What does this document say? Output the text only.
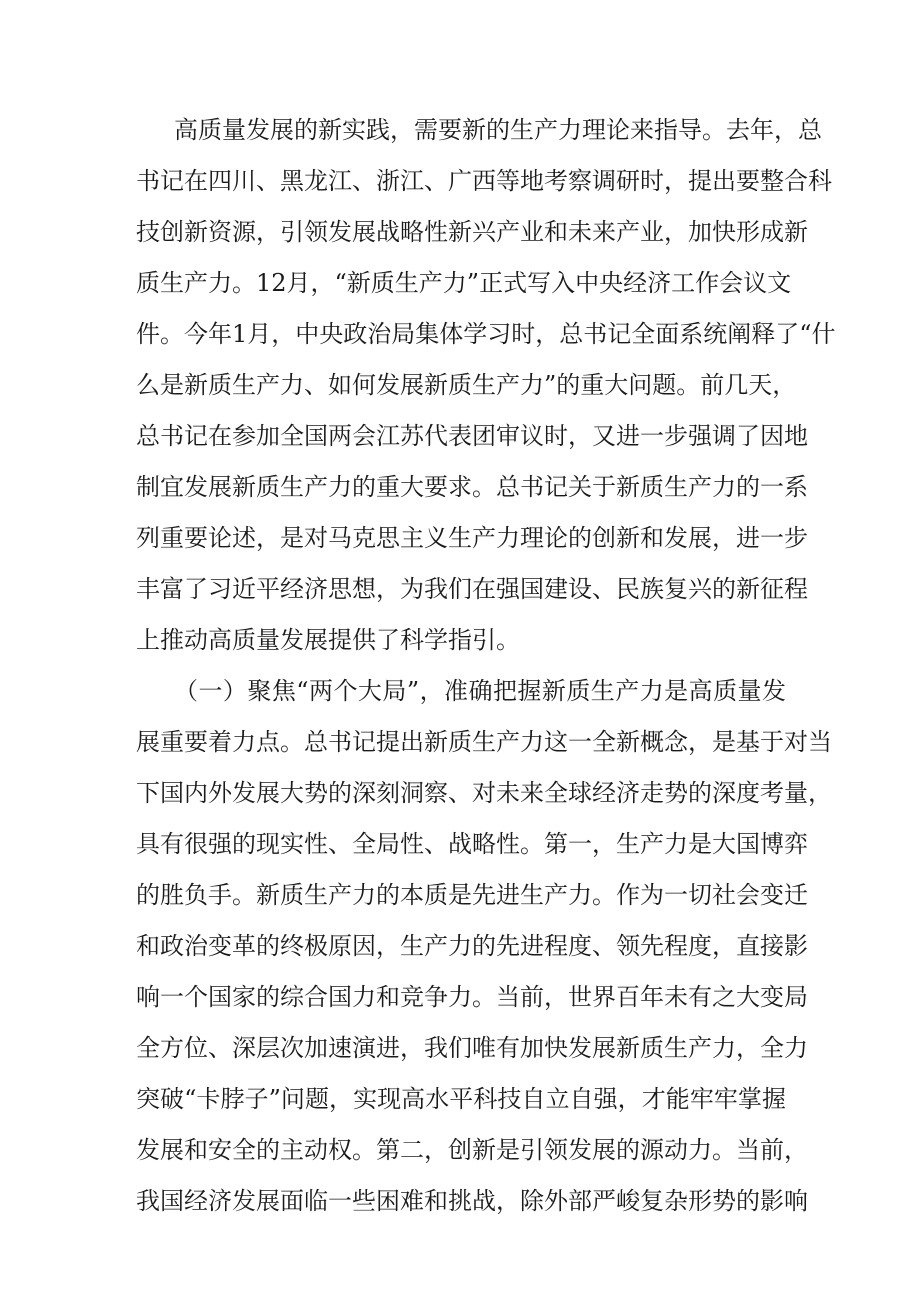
高质量发展的新实践，需要新的生产力理论来指导。去年，总
书记在四川、黑龙江、浙江、广西等地考察调研时，提出要整合科
技创新资源，引领发展战略性新兴产业和未来产业，加快形成新
质生产力。12月，“新质生产力”正式写入中央经济工作会议文
件。今年1月，中央政治局集体学习时，总书记全面系统阐释了“什
么是新质生产力、如何发展新质生产力”的重大问题。前几天，
总书记在参加全国两会江苏代表团审议时，又进一步强调了因地
制宜发展新质生产力的重大要求。总书记关于新质生产力的一系
列重要论述，是对马克思主义生产力理论的创新和发展，进一步
丰富了习近平经济思想，为我们在强国建设、民族复兴的新征程
上推动高质量发展提供了科学指引。
（一）聚焦“两个大局”，准确把握新质生产力是高质量发
展重要着力点。总书记提出新质生产力这一全新概念，是基于对当
下国内外发展大势的深刻洞察、对未来全球经济走势的深度考量，
具有很强的现实性、全局性、战略性。第一，生产力是大国博弈
的胜负手。新质生产力的本质是先进生产力。作为一切社会变迁
和政治变革的终极原因，生产力的先进程度、领先程度，直接影
响一个国家的综合国力和竞争力。当前，世界百年未有之大变局
全方位、深层次加速演进，我们唯有加快发展新质生产力，全力
突破“卡脖子”问题，实现高水平科技自立自强，才能牢牢掌握
发展和安全的主动权。第二，创新是引领发展的源动力。当前，
我国经济发展面临一些困难和挑战，除外部严峻复杂形势的影响
